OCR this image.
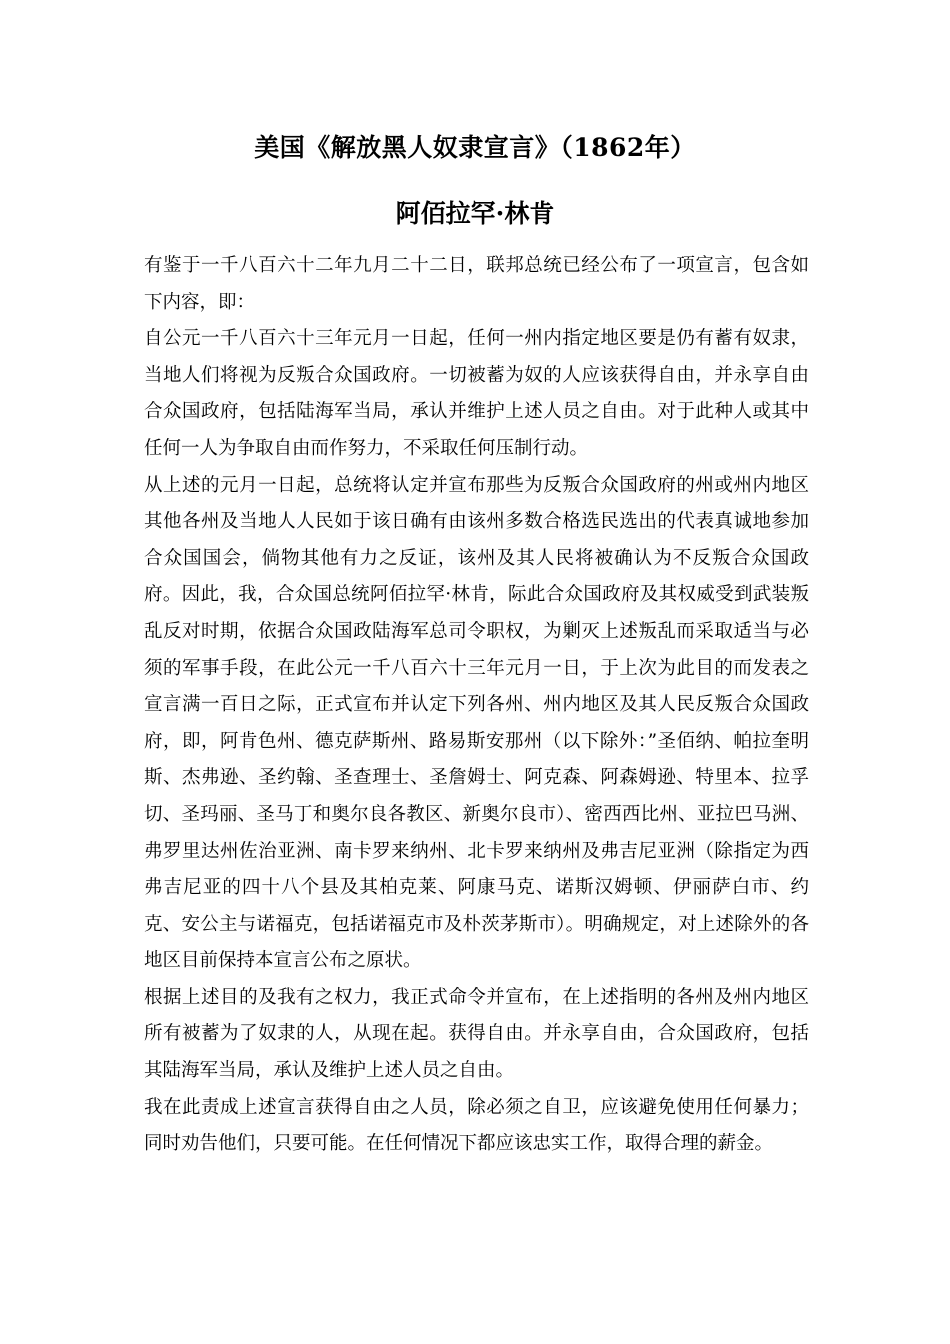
美国《解放黑人奴隶宣言》（1862年）
阿佰拉罕·林肯

有鉴于一千八百六十二年九月二十二日，联邦总统已经公布了一项宣言，包含如下内容，即：

自公元一千八百六十三年元月一日起，任何一州内指定地区要是仍有蓄有奴隶，当地人们将视为反叛合众国政府。一切被蓄为奴的人应该获得自由，并永享自由合众国政府，包括陆海军当局，承认并维护上述人员之自由。对于此种人或其中任何一人为争取自由而作努力，不采取任何压制行动。

从上述的元月一日起，总统将认定并宣布那些为反叛合众国政府的州或州内地区其他各州及当地人人民如于该日确有由该州多数合格选民选出的代表真诚地参加合众国国会，倘物其他有力之反证，该州及其人民将被确认为不反叛合众国政府。因此，我，合众国总统阿佰拉罕·林肯，际此合众国政府及其权威受到武装叛乱反对时期，依据合众国政陆海军总司令职权，为剿灭上述叛乱而采取适当与必须的军事手段，在此公元一千八百六十三年元月一日，于上次为此目的而发表之宣言满一百日之际，正式宣布并认定下列各州、州内地区及其人民反叛合众国政府，即，阿肯色州、德克萨斯州、路易斯安那州（以下除外：”圣佰纳、帕拉奎明斯、杰弗逊、圣约翰、圣查理士、圣詹姆士、阿克森、阿森姆逊、特里本、拉孚切、圣玛丽、圣马丁和奥尔良各教区、新奥尔良市）、密西西比州、亚拉巴马洲、弗罗里达州佐治亚洲、南卡罗来纳州、北卡罗来纳州及弗吉尼亚洲（除指定为西弗吉尼亚的四十八个县及其柏克莱、阿康马克、诺斯汉姆顿、伊丽萨白市、约克、安公主与诺福克，包括诺福克市及朴茨茅斯市）。明确规定，对上述除外的各地区目前保持本宣言公布之原状。

根据上述目的及我有之权力，我正式命令并宣布，在上述指明的各州及州内地区所有被蓄为了奴隶的人，从现在起。获得自由。并永享自由，合众国政府，包括其陆海军当局，承认及维护上述人员之自由。

我在此责成上述宣言获得自由之人员，除必须之自卫，应该避免使用任何暴力；同时劝告他们，只要可能。在任何情况下都应该忠实工作，取得合理的薪金。
